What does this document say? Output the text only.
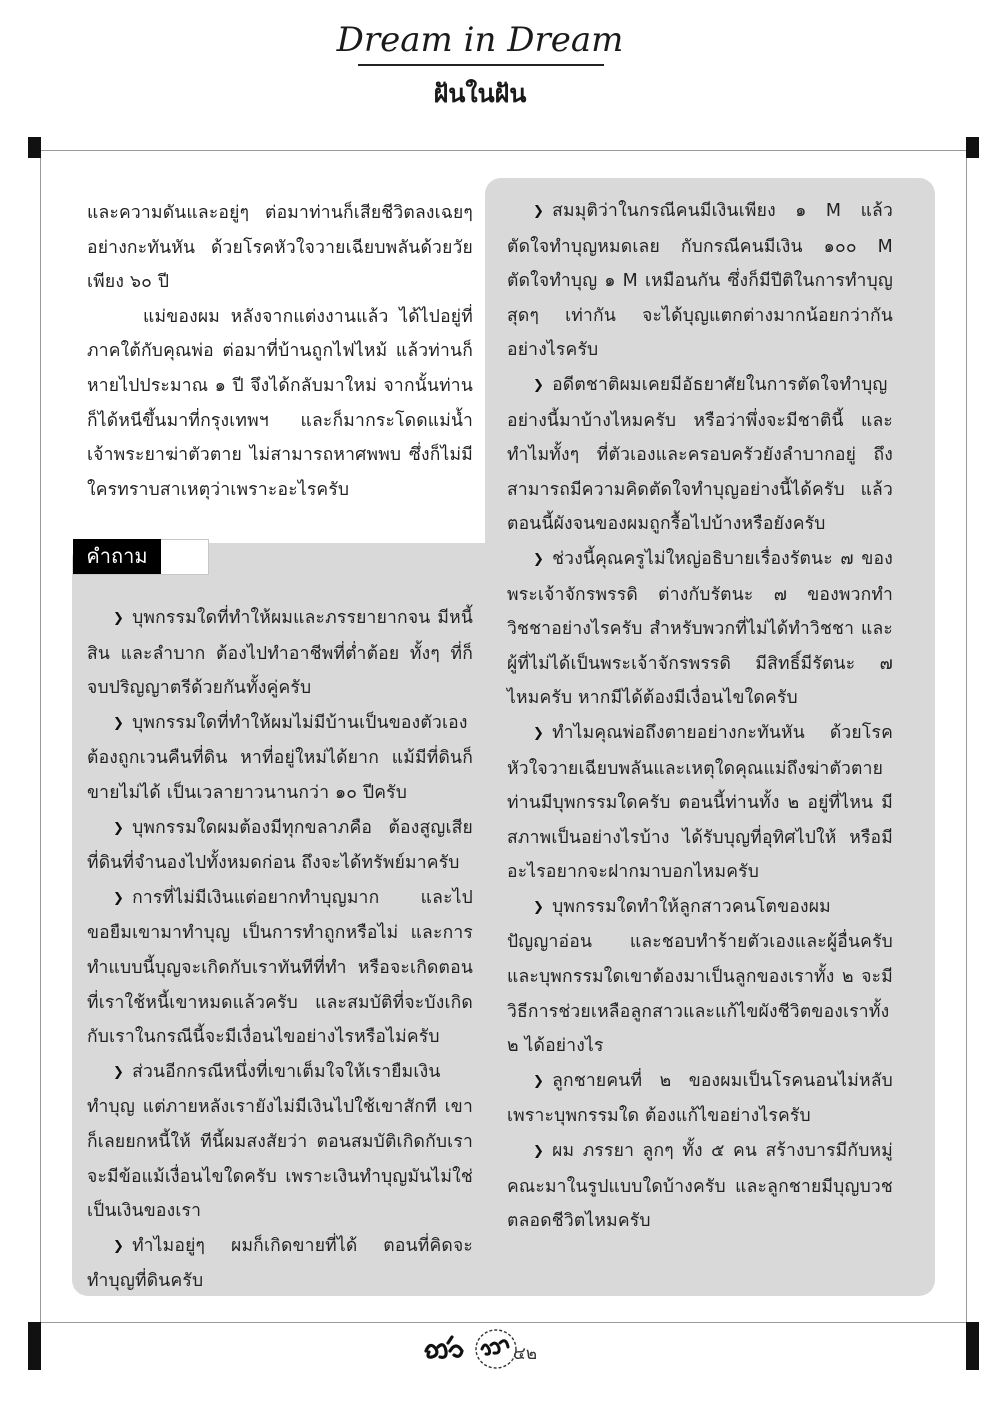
Dream in Dream
ฝันในฝัน
คำถาม

และความดันและอยู่ๆ ต่อมาท่านก็เสียชีวิตลงเฉยๆ อย่างกะทันหัน ด้วยโรคหัวใจวายเฉียบพลันด้วยวัยเพียง ๖๐ ปี

แม่ของผม หลังจากแต่งงานแล้ว ได้ไปอยู่ที่ภาคใต้กับคุณพ่อ ต่อมาที่บ้านถูกไฟไหม้ แล้วท่านก็หายไปประมาณ ๑ ปี จึงได้กลับมาใหม่ จากนั้นท่านก็ได้หนีขึ้นมาที่กรุงเทพฯ และก็มากระโดดแม่น้ำเจ้าพระยาฆ่าตัวตาย ไม่สามารถหาศพพบ ซึ่งก็ไม่มีใครทราบสาเหตุว่าเพราะอะไรครับ

❯ บุพกรรมใดที่ทำให้ผมและภรรยายากจน มีหนี้สิน และลำบาก ต้องไปทำอาชีพที่ต่ำต้อย ทั้งๆ ที่ก็จบปริญญาตรีด้วยกันทั้งคู่ครับ

❯ บุพกรรมใดที่ทำให้ผมไม่มีบ้านเป็นของตัวเอง ต้องถูกเวนคืนที่ดิน หาที่อยู่ใหม่ได้ยาก แม้มีที่ดินก็ขายไม่ได้ เป็นเวลายาวนานกว่า ๑๐ ปีครับ

❯ บุพกรรมใดผมต้องมีทุกขลาภคือ ต้องสูญเสียที่ดินที่จำนองไปทั้งหมดก่อน ถึงจะได้ทรัพย์มาครับ

❯ การที่ไม่มีเงินแต่อยากทำบุญมาก และไปขอยืมเขามาทำบุญ เป็นการทำถูกหรือไม่ และการทำแบบนี้บุญจะเกิดกับเราทันทีที่ทำ หรือจะเกิดตอนที่เราใช้หนี้เขาหมดแล้วครับ และสมบัติที่จะบังเกิดกับเราในกรณีนี้จะมีเงื่อนไขอย่างไรหรือไม่ครับ

❯ ส่วนอีกกรณีหนึ่งที่เขาเต็มใจให้เรายืมเงินทำบุญ แต่ภายหลังเรายังไม่มีเงินไปใช้เขาสักที เขาก็เลยยกหนี้ให้ ทีนี้ผมสงสัยว่า ตอนสมบัติเกิดกับเรา จะมีข้อแม้เงื่อนไขใดครับ เพราะเงินทำบุญมันไม่ใช่เป็นเงินของเรา

❯ ทำไมอยู่ๆ ผมก็เกิดขายที่ได้ ตอนที่คิดจะทำบุญที่ดินครับ

❯ สมมุติว่าในกรณีคนมีเงินเพียง ๑ M แล้วตัดใจทำบุญหมดเลย กับกรณีคนมีเงิน ๑๐๐ M ตัดใจทำบุญ ๑ M เหมือนกัน ซึ่งก็มีปีติในการทำบุญสุดๆ เท่ากัน จะได้บุญแตกต่างมากน้อยกว่ากันอย่างไรครับ

❯ อดีตชาติผมเคยมีอัธยาศัยในการตัดใจทำบุญอย่างนี้มาบ้างไหมครับ หรือว่าพึ่งจะมีชาตินี้ และทำไมทั้งๆ ที่ตัวเองและครอบครัวยังลำบากอยู่ ถึงสามารถมีความคิดตัดใจทำบุญอย่างนี้ได้ครับ แล้วตอนนี้ผังจนของผมถูกรื้อไปบ้างหรือยังครับ

❯ ช่วงนี้คุณครูไม่ใหญ่อธิบายเรื่องรัตนะ ๗ ของพระเจ้าจักรพรรดิ ต่างกับรัตนะ ๗ ของพวกทำวิชชาอย่างไรครับ สำหรับพวกที่ไม่ได้ทำวิชชา และผู้ที่ไม่ได้เป็นพระเจ้าจักรพรรดิ มีสิทธิ์มีรัตนะ ๗ ไหมครับ หากมีได้ต้องมีเงื่อนไขใดครับ

❯ ทำไมคุณพ่อถึงตายอย่างกะทันหัน ด้วยโรคหัวใจวายเฉียบพลันและเหตุใดคุณแม่ถึงฆ่าตัวตาย ท่านมีบุพกรรมใดครับ ตอนนี้ท่านทั้ง ๒ อยู่ที่ไหน มีสภาพเป็นอย่างไรบ้าง ได้รับบุญที่อุทิศไปให้ หรือมีอะไรอยากจะฝากมาบอกไหมครับ

❯ บุพกรรมใดทำให้ลูกสาวคนโตของผมปัญญาอ่อน และชอบทำร้ายตัวเองและผู้อื่นครับ และบุพกรรมใดเขาต้องมาเป็นลูกของเราทั้ง ๒ จะมีวิธีการช่วยเหลือลูกสาวและแก้ไขผังชีวิตของเราทั้ง ๒ ได้อย่างไร

❯ ลูกชายคนที่ ๒ ของผมเป็นโรคนอนไม่หลับ เพราะบุพกรรมใด ต้องแก้ไขอย่างไรครับ

❯ ผม ภรรยา ลูกๆ ทั้ง ๕ คน สร้างบารมีกับหมู่คณะมาในรูปแบบใดบ้างครับ และลูกชายมีบุญบวชตลอดชีวิตไหมครับ

๔๒
